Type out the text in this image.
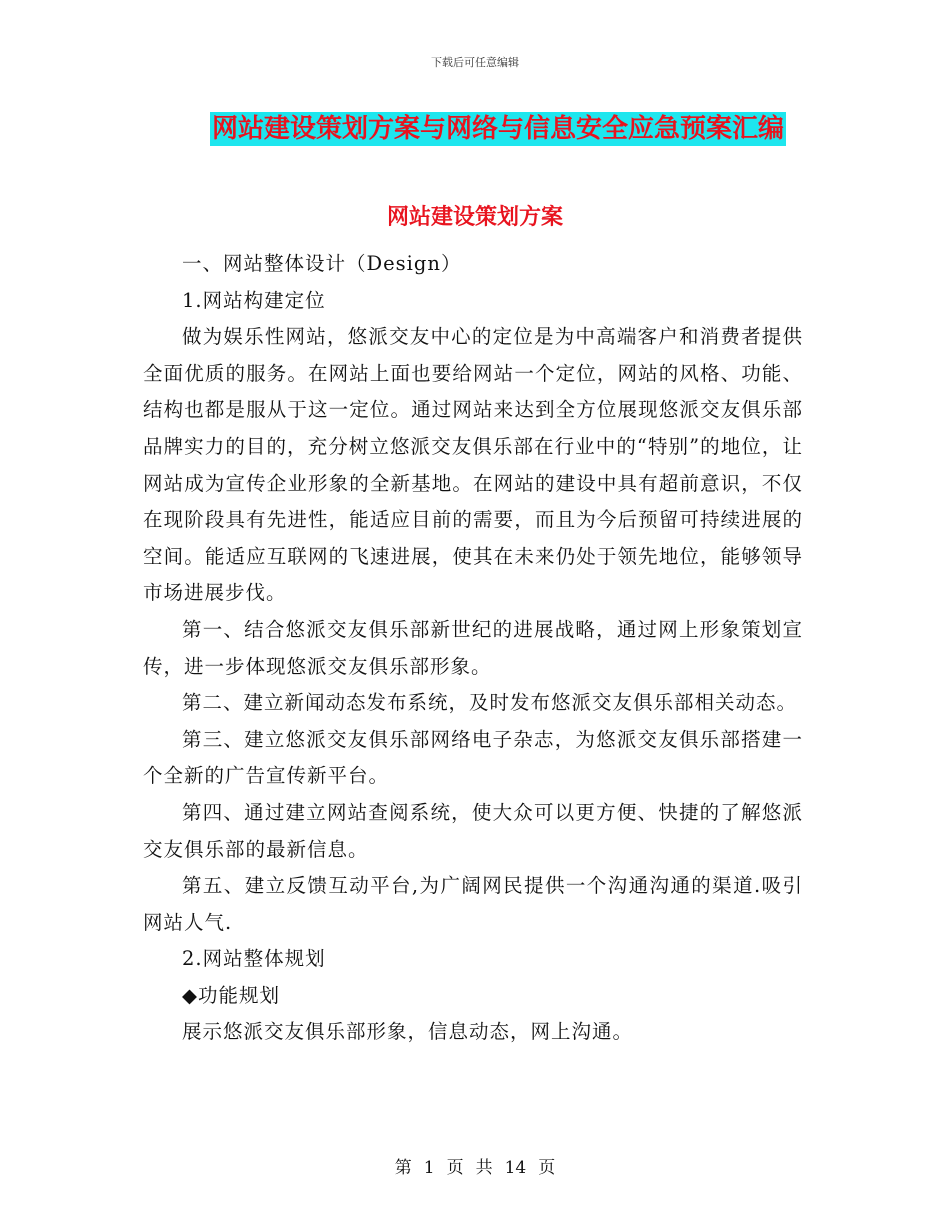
下载后可任意编辑
网站建设策划方案与网络与信息安全应急预案汇编
网站建设策划方案

一、网站整体设计（Design）

1.网站构建定位

做为娱乐性网站，悠派交友中心的定位是为中高端客户和消费者提供全面优质的服务。在网站上面也要给网站一个定位，网站的风格、功能、结构也都是服从于这一定位。通过网站来达到全方位展现悠派交友俱乐部品牌实力的目的，充分树立悠派交友俱乐部在行业中的“特别”的地位，让网站成为宣传企业形象的全新基地。在网站的建设中具有超前意识，不仅在现阶段具有先进性，能适应目前的需要，而且为今后预留可持续进展的空间。能适应互联网的飞速进展，使其在未来仍处于领先地位，能够领导市场进展步伐。

第一、结合悠派交友俱乐部新世纪的进展战略，通过网上形象策划宣传，进一步体现悠派交友俱乐部形象。

第二、建立新闻动态发布系统，及时发布悠派交友俱乐部相关动态。

第三、建立悠派交友俱乐部网络电子杂志，为悠派交友俱乐部搭建一个全新的广告宣传新平台。

第四、通过建立网站查阅系统，使大众可以更方便、快捷的了解悠派交友俱乐部的最新信息。

第五、建立反馈互动平台,为广阔网民提供一个沟通沟通的渠道.吸引网站人气.

2.网站整体规划

◆功能规划

展示悠派交友俱乐部形象，信息动态，网上沟通。

第 1 页 共 14 页
